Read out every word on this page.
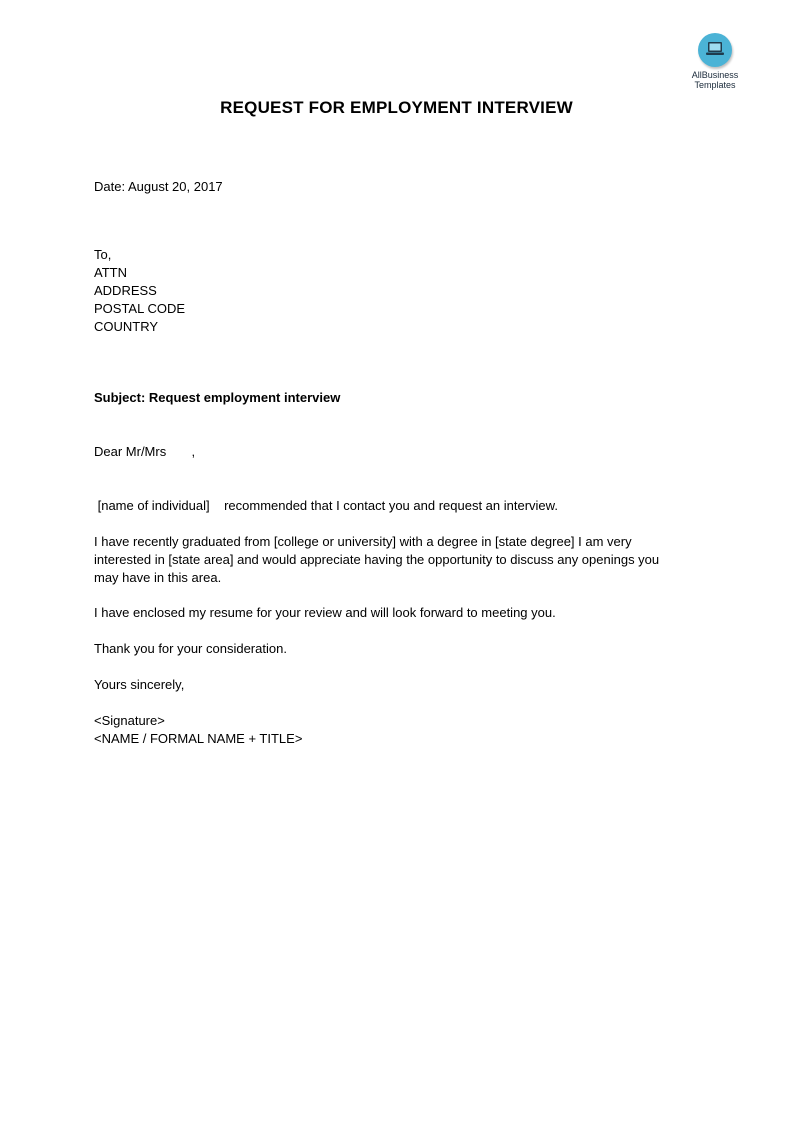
AllBusiness
Templates
REQUEST FOR EMPLOYMENT INTERVIEW

Date: August 20, 2017

To,

ATTN

ADDRESS

POSTAL CODE

COUNTRY

Subject: Request employment interview

Dear Mr/Mrs       ,

[name of individual]    recommended that I contact you and request an interview.

I have recently graduated from [college or university] with a degree in [state degree] I am very interested in [state area] and would appreciate having the opportunity to discuss any openings you may have in this area.

I have enclosed my resume for your review and will look forward to meeting you.

Thank you for your consideration.

Yours sincerely,

<Signature>

<NAME / FORMAL NAME + TITLE>
